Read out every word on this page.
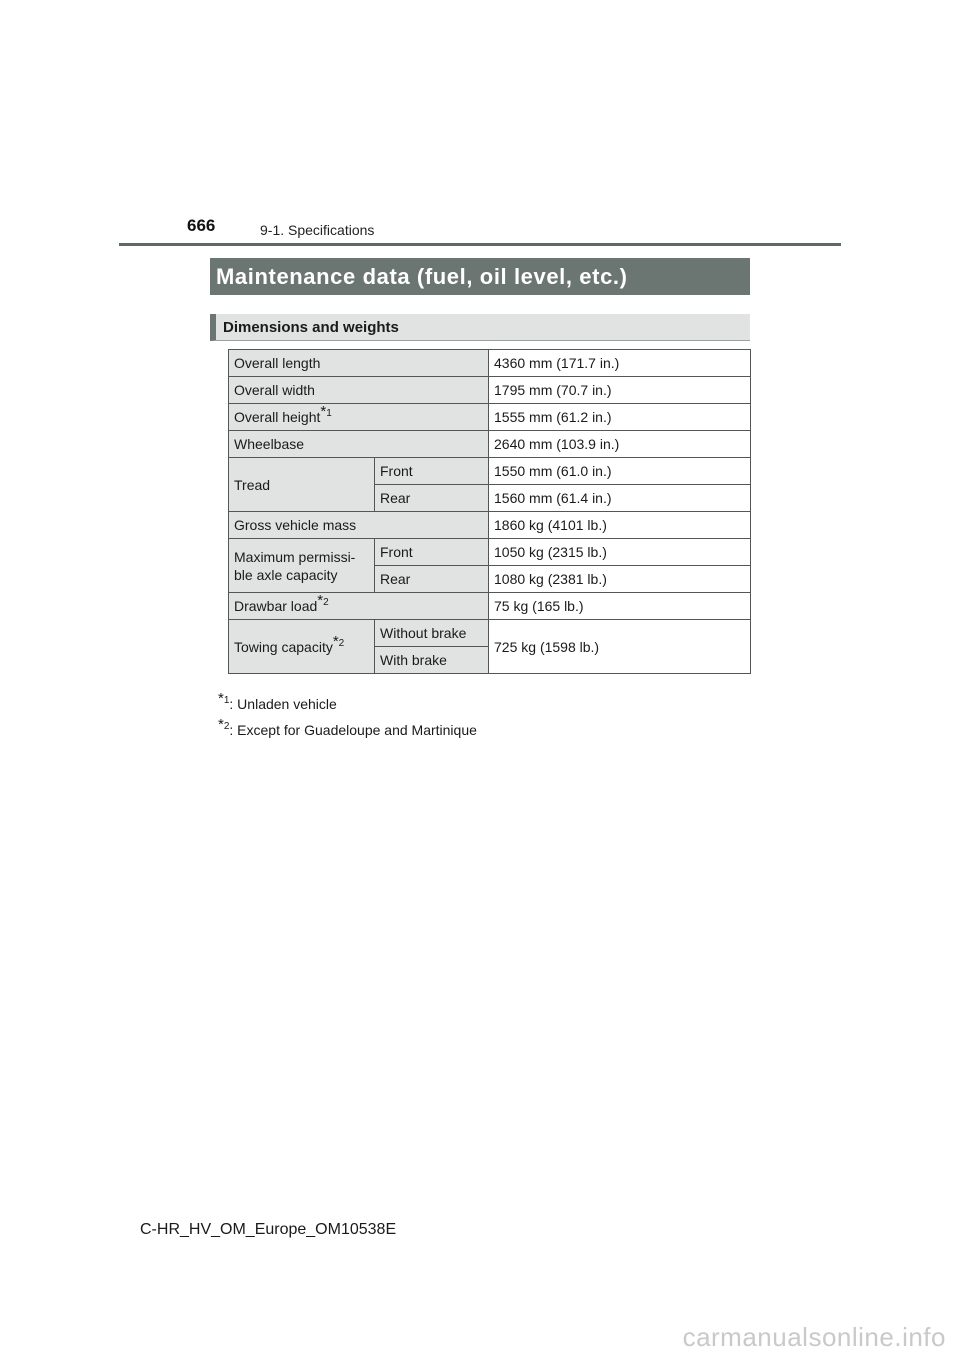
666	9-1. Specifications
Maintenance data (fuel, oil level, etc.)
Dimensions and weights
Overall length		4360 mm (171.7 in.)
Overall width		1795 mm (70.7 in.)
Overall height$^{*1}$		1555 mm (61.2 in.)
Wheelbase		2640 mm (103.9 in.)
Tread	Front	1550 mm (61.0 in.)
	Rear	1560 mm (61.4 in.)
Gross vehicle mass		1860 kg (4101 lb.)
Maximum permissi-
ble axle capacity	Front	1050 kg (2315 lb.)
	Rear	1080 kg (2381 lb.)
Drawbar load$^{*2}$		75 kg (165 lb.)
Towing capacity$^{*2}$	Without brake	725 kg (1598 lb.)
	With brake	
$^{*1}$: Unladen vehicle
$^{*2}$: Except for Guadeloupe and Martinique
C-HR_HV_OM_Europe_OM10538E
carmanualsonline.info
